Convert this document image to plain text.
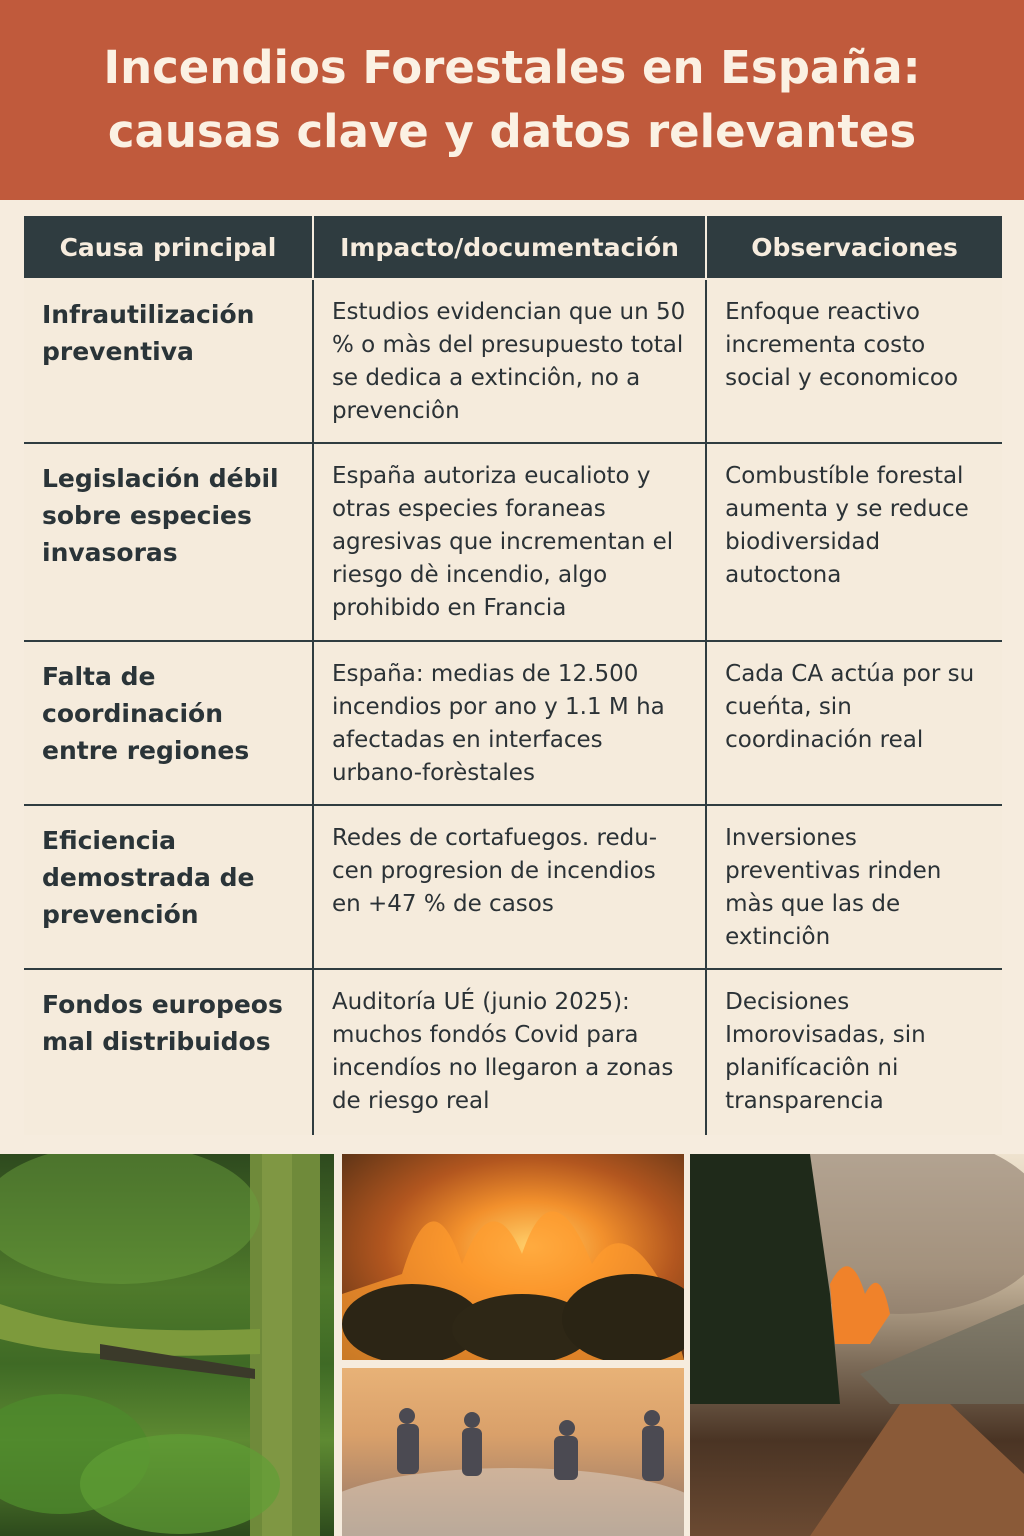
Incendios Forestales en España:
causas clave y datos relevantes
Causa principal	Impacto/documentación	Observaciones
Infrautilización preventiva	Estudios evidencian que un 50 % o màs del presupuesto total se dedica a extinciôn, no a prevenciôn	Enfoque reactivo incrementa costo social y economicoo
Legislación débil sobre especies invasoras	España autoriza eucalioto y otras especies foraneas agresivas que incrementan el riesgo dè incendio, algo prohibido en Francia	Combustíble forestal aumenta y se reduce biodiversidad autoctona
Falta de coordinación entre regiones	España: medias de 12.500 incendios por ano y 1.1 M ha afectadas en interfaces urbano-forèstales	Cada CA actúa por su cueńta, sin coordinación real
Eficiencia demostrada de prevención	Redes de cortafuegos. redu- cen progresion de incendios en +47 % de casos	Inversiones preventivas rinden màs que las de extinciôn
Fondos europeos mal distribuidos	Auditoría UÉ (junio 2025): muchos fondós Covid para incendíos no llegaron a zonas de riesgo real	Decisiones Imorovisadas, sin planifícaciôn ni transparencia
